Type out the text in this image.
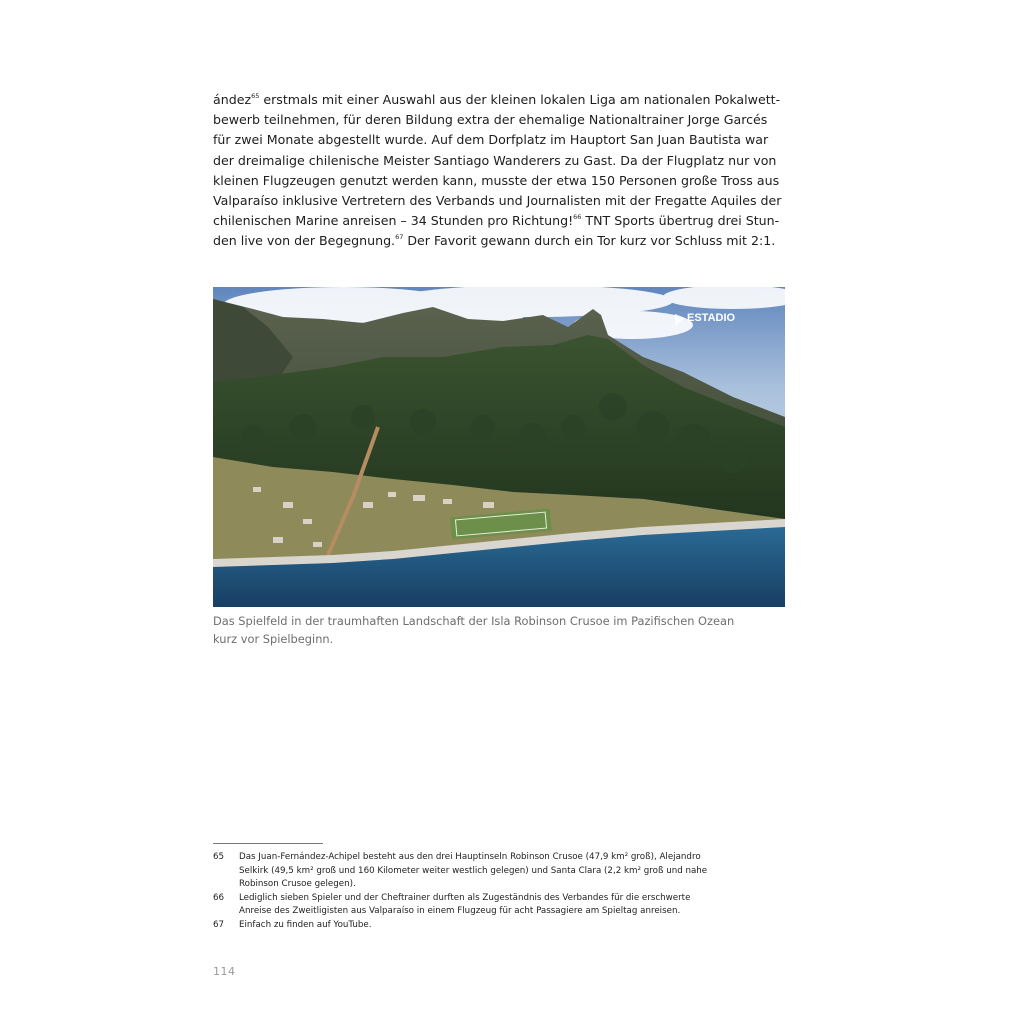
ández$^{65}$ erstmals mit einer Auswahl aus der kleinen lokalen Liga am nationalen Pokalwett-
bewerb teilnehmen, für deren Bildung extra der ehemalige Nationaltrainer Jorge Garcés
für zwei Monate abgestellt wurde. Auf dem Dorfplatz im Hauptort San Juan Bautista war
der dreimalige chilenische Meister Santiago Wanderers zu Gast. Da der Flugplatz nur von
kleinen Flugzeugen genutzt werden kann, musste der etwa 150 Personen große Tross aus
Valparaíso inklusive Vertretern des Verbands und Journalisten mit der Fregatte Aquiles der
chilenischen Marine anreisen – 34 Stunden pro Richtung!$^{66}$ TNT Sports übertrug drei Stun-
den live von der Begegnung.$^{67}$ Der Favorit gewann durch ein Tor kurz vor Schluss mit 2:1.
ESTADIO
Das Spielfeld in der traumhaften Landschaft der Isla Robinson Crusoe im Pazifischen Ozean
kurz vor Spielbeginn.
65 Das Juan-Fernández-Achipel besteht aus den drei Hauptinseln Robinson Crusoe (47,9 km² groß), Alejandro
Selkirk (49,5 km² groß und 160 Kilometer weiter westlich gelegen) und Santa Clara (2,2 km² groß und nahe
Robinson Crusoe gelegen).
66 Lediglich sieben Spieler und der Cheftrainer durften als Zugeständnis des Verbandes für die erschwerte
Anreise des Zweitligisten aus Valparaíso in einem Flugzeug für acht Passagiere am Spieltag anreisen.
67 Einfach zu finden auf YouTube.
114
